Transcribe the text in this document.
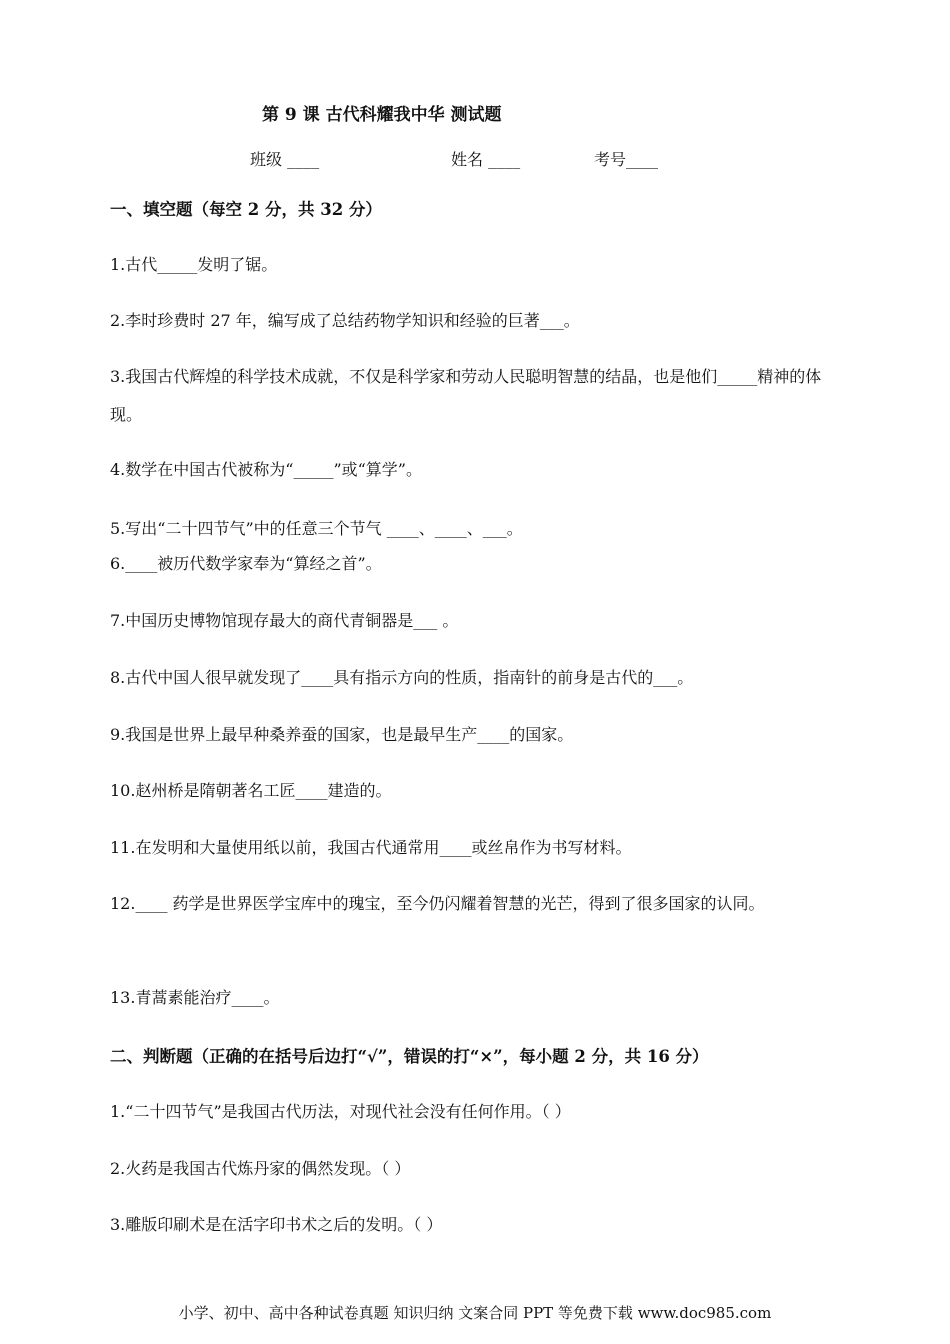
第 9 课 古代科耀我中华 测试题
班级 ____	姓名 ____	考号____
一、填空题（每空 2 分，共 32 分）
1.古代_____发明了锯。
2.李时珍费时 27 年，编写成了总结药物学知识和经验的巨著___。
3.我国古代辉煌的科学技术成就，不仅是科学家和劳动人民聪明智慧的结晶，也是他们_____精神的体现。
4.数学在中国古代被称为“_____”或“算学”。
5.写出“二十四节气”中的任意三个节气 ____、____、___。
6.____被历代数学家奉为“算经之首”。
7.中国历史博物馆现存最大的商代青铜器是___ 。
8.古代中国人很早就发现了____具有指示方向的性质，指南针的前身是古代的___。
9.我国是世界上最早种桑养蚕的国家，也是最早生产____的国家。
10.赵州桥是隋朝著名工匠____建造的。
11.在发明和大量使用纸以前，我国古代通常用____或丝帛作为书写材料。
12.____ 药学是世界医学宝库中的瑰宝，至今仍闪耀着智慧的光芒，得到了很多国家的认同。
13.青蒿素能治疗____。
二、判断题（正确的在括号后边打“√”，错误的打“×”，每小题 2 分，共 16 分）
1.“二十四节气”是我国古代历法，对现代社会没有任何作用。（ ）
2.火药是我国古代炼丹家的偶然发现。（ ）
3.雕版印刷术是在活字印书术之后的发明。（ ）
小学、初中、高中各种试卷真题 知识归纳 文案合同 PPT 等免费下载 www.doc985.com
